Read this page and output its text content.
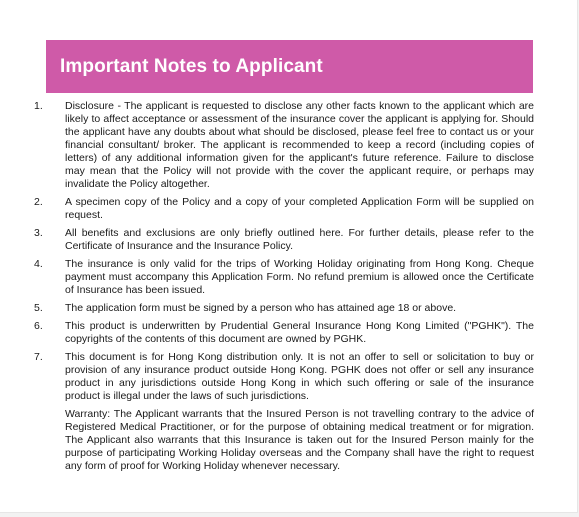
Important Notes to Applicant
1.	Disclosure - The applicant is requested to disclose any other facts known to the applicant which are likely to affect acceptance or assessment of the insurance cover the applicant is applying for. Should the applicant have any doubts about what should be disclosed, please feel free to contact us or your financial consultant/ broker. The applicant is recommended to keep a record (including copies of letters) of any additional information given for the applicant's future reference. Failure to disclose may mean that the Policy will not provide with the cover the applicant require, or perhaps may invalidate the Policy altogether.
2.	A specimen copy of the Policy and a copy of your completed Application Form will be supplied on request.
3.	All benefits and exclusions are only briefly outlined here. For further details, please refer to the Certificate of Insurance and the Insurance Policy.
4.	The insurance is only valid for the trips of Working Holiday originating from Hong Kong. Cheque payment must accompany this Application Form. No refund premium is allowed once the Certificate of Insurance has been issued.
5.	The application form must be signed by a person who has attained age 18 or above.
6.	This product is underwritten by Prudential General Insurance Hong Kong Limited ("PGHK"). The copyrights of the contents of this document are owned by PGHK.
7.	This document is for Hong Kong distribution only. It is not an offer to sell or solicitation to buy or provision of any insurance product outside Hong Kong. PGHK does not offer or sell any insurance product in any jurisdictions outside Hong Kong in which such offering or sale of the insurance product is illegal under the laws of such jurisdictions.
Warranty: The Applicant warrants that the Insured Person is not travelling contrary to the advice of Registered Medical Practitioner, or for the purpose of obtaining medical treatment or for migration. The Applicant also warrants that this Insurance is taken out for the Insured Person mainly for the purpose of participating Working Holiday overseas and the Company shall have the right to request any form of proof for Working Holiday whenever necessary.
